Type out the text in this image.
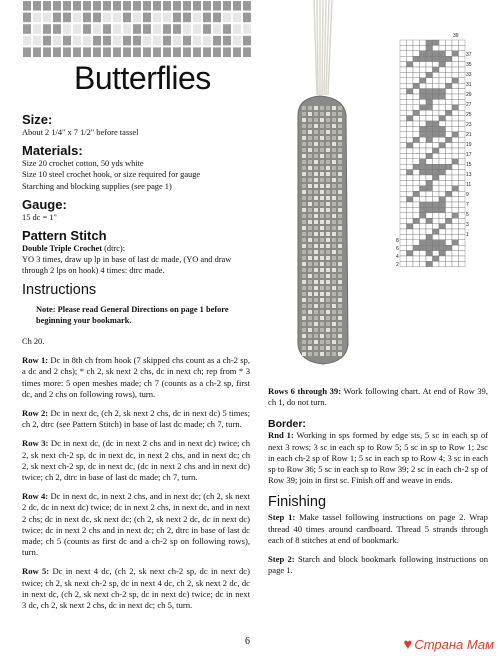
Butterflies

Size:

About 2 1/4" x 7 1/2" before tassel

Materials:

Size 20 crochet cotton, 50 yds white

Size 10 steel crochet hook, or size required for gauge

Starching and blocking supplies (see page 1)

Gauge:

15 dc = 1"

Pattern Stitch

Double Triple Crochet (dtrc):

YO 3 times, draw up lp in base of last dc made, (YO and draw through 2 lps on hook) 4 times: dtrc made.

Instructions

Note: Please read General Directions on page 1 before beginning your bookmark.

Ch 20.

Row 1: Dc in 8th ch from hook (7 skipped chs count as a ch-2 sp, a dc and 2 chs); * ch 2, sk next 2 chs, dc in next ch; rep from * 3 times more: 5 open meshes made; ch 7 (counts as a ch-2 sp, first dc, and 2 chs on following rows), turn.

Row 2: Dc in next dc, (ch 2, sk next 2 chs, dc in next dc) 5 times; ch 2, dtrc (see Pattern Stitch) in base of last dc made; ch 7, turn.

Row 3: Dc in next dc, (dc in next 2 chs and in next dc) twice; ch 2, sk next ch-2 sp, dc in next dc, in next 2 chs, and in next dc; ch 2, sk next ch-2 sp, dc in next dc, (dc in next 2 chs and in next dc) twice; ch 2, dtrc in base of last dc made; ch 7, turn.

Row 4: Dc in next dc, in next 2 chs, and in next dc; (ch 2, sk next 2 dc, dc in next dc) twice; dc in next 2 chs, in next dc, and in next 2 chs; dc in next dc, sk next dc; (ch 2, sk next 2 dc, dc in next dc) twice; dc in next 2 chs and in next dc; ch 2, dtrc in base of last dc made; ch 5 (counts as first dc and a ch-2 sp on following rows), turn.

Row 5: Dc in next 4 dc, (ch 2, sk next ch-2 sp, dc in next dc) twice; ch 2, sk next ch-2 sp, dc in next 4 dc, ch 2, sk next 2 dc, dc in next dc, (ch 2, sk next ch-2 sp, dc in next dc) twice; dc in next 3 dc, ch 2, sk next 2 chs, dc in next dc; ch 5, turn.

39
37
35
33
31
29
27
25
23
21
19
17
15
13
11
9
7
5
3
1
8
6
4
2

Rows 6 through 39: Work following chart. At end of Row 39, ch 1, do not turn.

Border:

Rnd 1: Working in sps formed by edge sts, 5 sc in each sp of next 3 rows; 3 sc in each sp to Row 5; 5 sc in sp to Row 1; 2sc in each ch-2 sp of Row 1; 5 sc in each sp to Row 4; 3 sc in each sp to Row 36; 5 sc in each sp to Row 39; 2 sc in each ch-2 sp of Row 39; join in first sc. Finish off and weave in ends.

Finishing

Step 1: Make tassel following instructions on page 2. Wrap thread 40 times around cardboard. Thread 5 strands through each of 8 stitches at end of bookmark.

Step 2: Starch and block bookmark following instructions on page 1.

6	♥ Страна Мам
